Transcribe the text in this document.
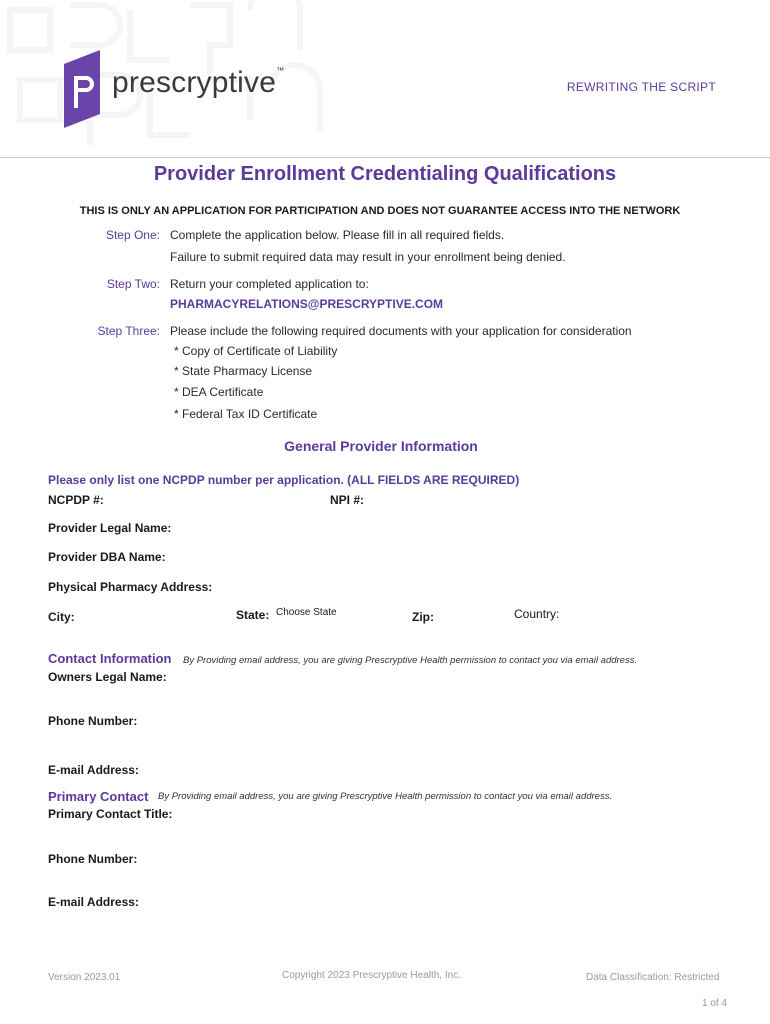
prescryptive™
REWRITING THE SCRIPT
Provider Enrollment Credentialing Qualifications
THIS IS ONLY AN APPLICATION FOR PARTICIPATION AND DOES NOT GUARANTEE ACCESS INTO THE NETWORK
Step One: Complete the application below. Please fill in all required fields.
Failure to submit required data may result in your enrollment being denied.
Step Two: Return your completed application to:
PHARMACYRELATIONS@PRESCRYPTIVE.COM
Step Three: Please include the following required documents with your application for consideration
* Copy of Certificate of Liability
* State Pharmacy License
* DEA Certificate
* Federal Tax ID Certificate
General Provider Information
Please only list one NCPDP number per application. (ALL FIELDS ARE REQUIRED)
NCPDP #:	NPI #:
Provider Legal Name:
Provider DBA Name:
Physical Pharmacy Address:
City:	State: Choose State	Zip:	Country:
Contact Information By Providing email address, you are giving Prescryptive Health permission to contact you via email address.
Owners Legal Name:
Phone Number:
E-mail Address:
Primary Contact By Providing email address, you are giving Prescryptive Health permission to contact you via email address.
Primary Contact Title:
Phone Number:
E-mail Address:
Version 2023.01	Copyright 2023 Prescryptive Health, Inc.	Data Classification: Restricted
1 of 4
